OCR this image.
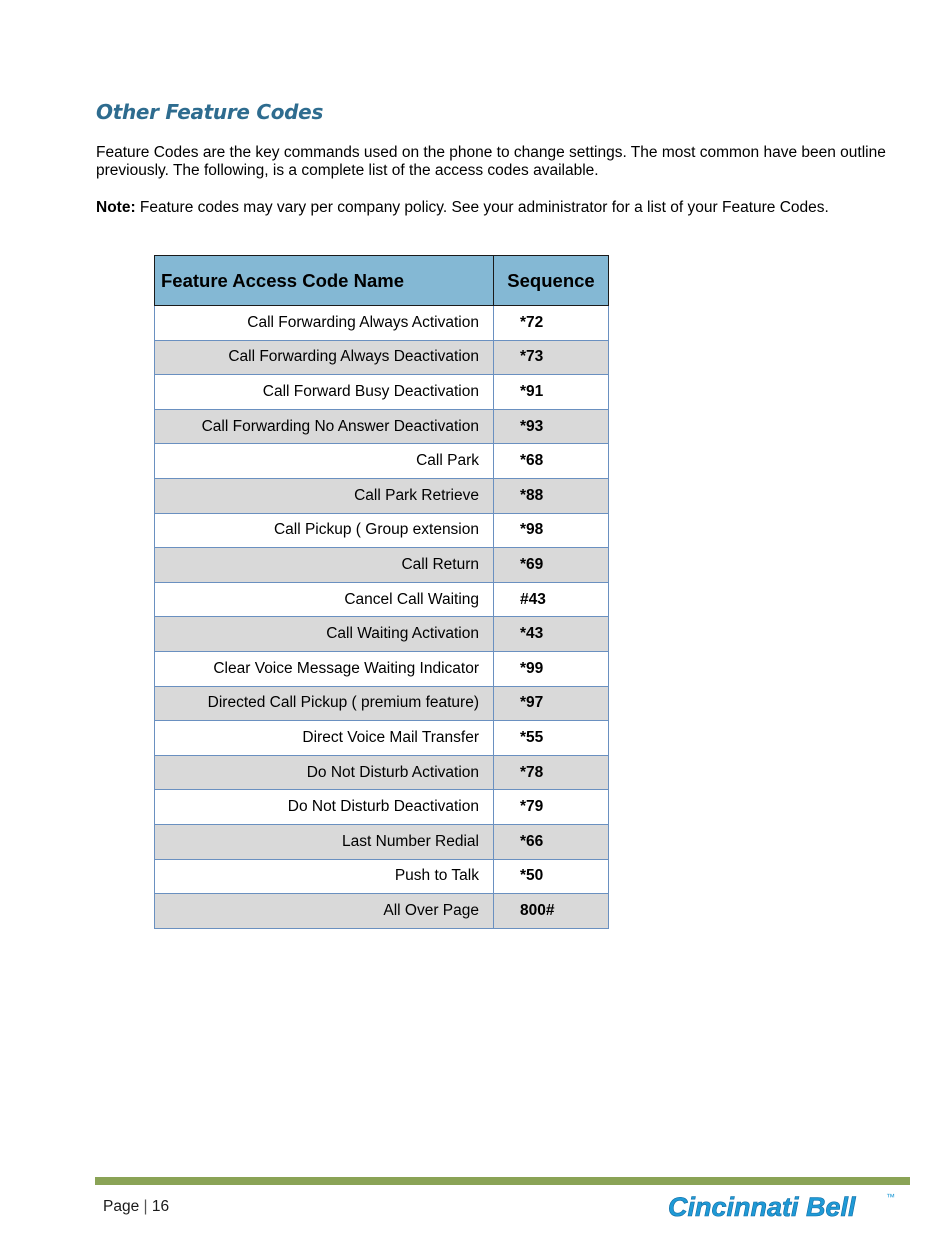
Other Feature Codes
Feature Codes are the key commands used on the phone to change settings. The most common have been outline previously. The following, is a complete list of the access codes available.
Note: Feature codes may vary per company policy. See your administrator for a list of your Feature Codes.
Feature Access Code Name	Sequence
Call Forwarding Always Activation	*72
Call Forwarding Always Deactivation	*73
Call Forward Busy Deactivation	*91
Call Forwarding No Answer Deactivation	*93
Call Park	*68
Call Park Retrieve	*88
Call Pickup ( Group extension	*98
Call Return	*69
Cancel Call Waiting	#43
Call Waiting Activation	*43
Clear Voice Message Waiting Indicator	*99
Directed Call Pickup ( premium feature)	*97
Direct Voice Mail Transfer	*55
Do Not Disturb Activation	*78
Do Not Disturb Deactivation	*79
Last Number Redial	*66
Push to Talk	*50
All Over Page	800#
Page | 16	Cincinnati Bell	™
